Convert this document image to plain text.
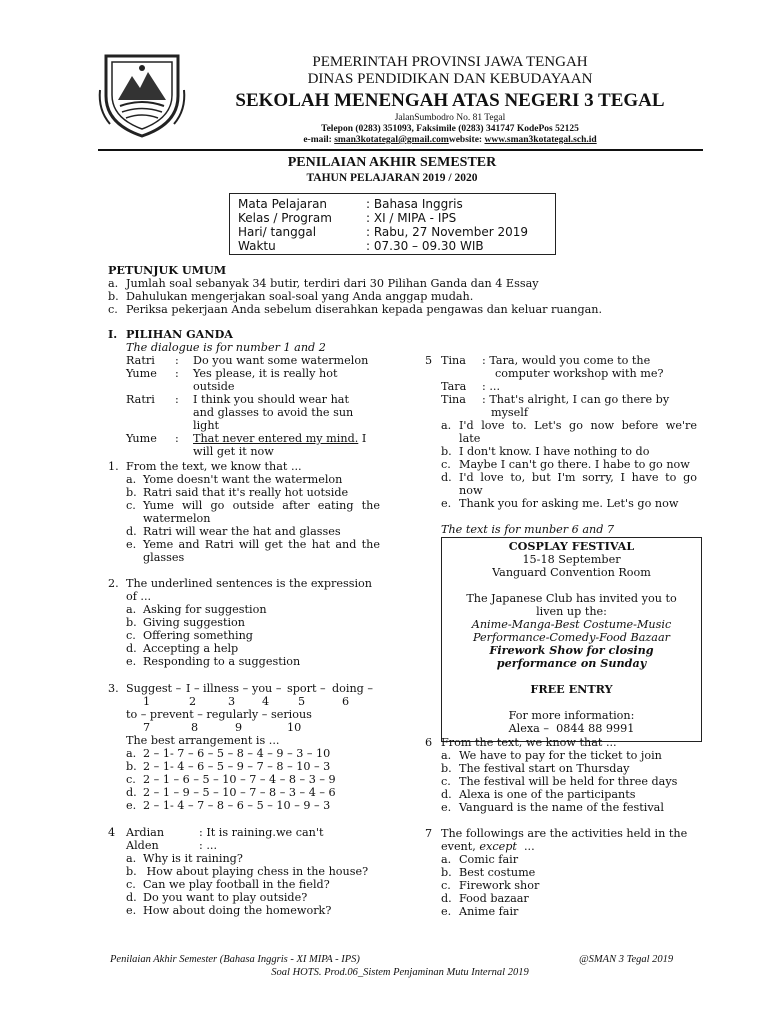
PEMERINTAH PROVINSI JAWA TENGAH
DINAS PENDIDIKAN DAN KEBUDAYAAN
SEKOLAH MENENGAH ATAS NEGERI 3 TEGAL
JalanSumbodro No. 81 Tegal
Telepon (0283) 351093, Faksimile (0283) 341747 KodePos 52125
e-mail: sman3kotategal@gmail.comwebsite: www.sman3kotategal.sch.id
PENILAIAN AKHIR SEMESTER
TAHUN PELAJARAN 2019 / 2020
Mata Pelajaran	: Bahasa Inggris
Kelas / Program	: XI / MIPA - IPS
Hari/ tanggal	: Rabu, 27 November 2019
Waktu	: 07.30 – 09.30 WIB
PETUNJUK UMUM
a. Jumlah soal sebanyak 34 butir, terdiri dari 30 Pilihan Ganda dan 4 Essay
b. Dahulukan mengerjakan soal-soal yang Anda anggap mudah.
c. Periksa pekerjaan Anda sebelum diserahkan kepada pengawas dan keluar ruangan.
I. PILIHAN GANDA
The dialogue is for number 1 and 2
Ratri : Do you want some watermelon
Yume : Yes please, it is really hot
outside
Ratri : I think you should wear hat
and glasses to avoid the sun
light
Yume : That never entered my mind. I
will get it now
1. From the text, we know that ...
a. Yome doesn't want the watermelon
b. Ratri said that it's really hot uotside
c. Yume will go outside after eating the
watermelon
d. Ratri will wear the hat and glasses
e. Yeme and Ratri will get the hat and the
glasses
2. The underlined sentences is the expression
of ...
a. Asking for suggestion
b. Giving suggestion
c. Offering something
d. Accepting a help
e. Responding to a suggestion
3. Suggest – I – illness – you – sport – doing –
1	2	3 4	5	6
to – prevent – regularly – serious
7	8	9	10
The best arrangement is ...
a. 2 – 1- 7 – 6 – 5 – 8 – 4 – 9 – 3 – 10
b. 2 – 1- 4 – 6 – 5 – 9 – 7 – 8 – 10 – 3
c. 2 – 1 – 6 – 5 – 10 – 7 – 4 – 8 – 3 – 9
d. 2 – 1 – 9 – 5 – 10 – 7 – 8 – 3 – 4 – 6
e. 2 – 1- 4 – 7 – 8 – 6 – 5 – 10 – 9 – 3
4 Ardian	: It is raining.we can't
Alden	: ...
a. Why is it raining?
b. How about playing chess in the house?
c. Can we play football in the field?
d. Do you want to play outside?
e. How about doing the homework?
5 Tina : Tara, would you come to the
computer workshop with me?
Tara : ...
Tina : That's alright, I can go there by
myself
a. I'd love to. Let's go now before we're
late
b. I don't know. I have nothing to do
c. Maybe I can't go there. I habe to go now
d. I'd love to, but I'm sorry, I have to go
now
e. Thank you for asking me. Let's go now
The text is for munber 6 and 7
COSPLAY FESTIVAL
15-18 September
Vanguard Convention Room
The Japanese Club has invited you to
liven up the:
Anime-Manga-Best Costume-Music
Performance-Comedy-Food Bazaar
Firework Show for closing
performance on Sunday
FREE ENTRY
For more information:
Alexa –  0844 88 9991
6 From the text, we know that ...
a. We have to pay for the ticket to join
b. The festival start on Thursday
c. The festival will be held for three days
d. Alexa is one of the participants
e. Vanguard is the name of the festival
7 The followings are the activities held in the
event, except  ...
a. Comic fair
b. Best costume
c. Firework shor
d. Food bazaar
e. Anime fair
Penilaian Akhir Semester (Bahasa Inggris - XI MIPA - IPS)	@SMAN 3 Tegal 2019
Soal HOTS. Prod.06_Sistem Penjaminan Mutu Internal 2019
